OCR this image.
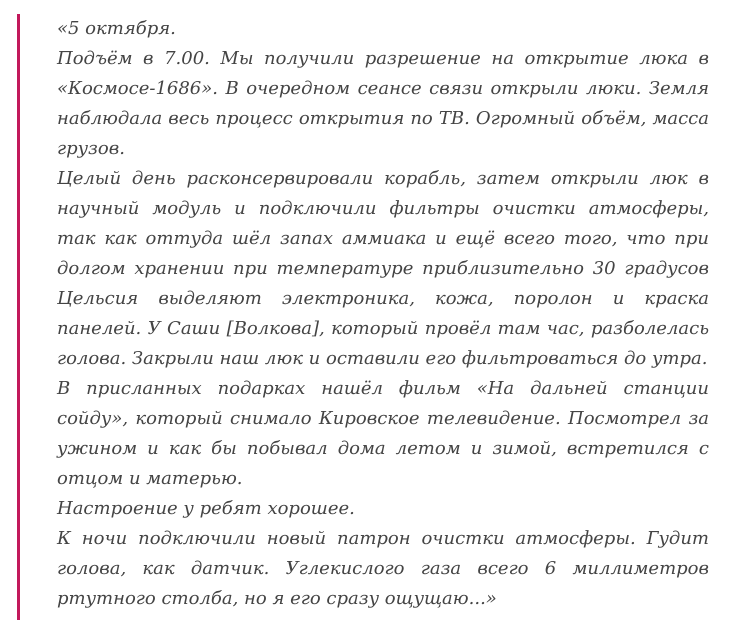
«5 октября.

Подъём в 7.00. Мы получили разрешение на открытие люка в «Космосе-1686». В очередном сеансе связи открыли люки. Земля наблюдала весь процесс открытия по ТВ. Огромный объём, масса грузов.

Целый день расконсервировали корабль, затем открыли люк в научный модуль и подключили фильтры очистки атмосферы, так как оттуда шёл запах аммиака и ещё всего того, что при долгом хранении при температуре приблизительно 30 градусов Цельсия выделяют электроника, кожа, поролон и краска панелей. У Саши [Волкова], который провёл там час, разболелась голова. Закрыли наш люк и оставили его фильтроваться до утра.

В присланных подарках нашёл фильм «На дальней станции сойду», который снимало Кировское телевидение. Посмотрел за ужином и как бы побывал дома летом и зимой, встретился с отцом и матерью.

Настроение у ребят хорошее.

К ночи подключили новый патрон очистки атмосферы. Гудит голова, как датчик. Углекислого газа всего 6 миллиметров ртутного столба, но я его сразу ощущаю...»
